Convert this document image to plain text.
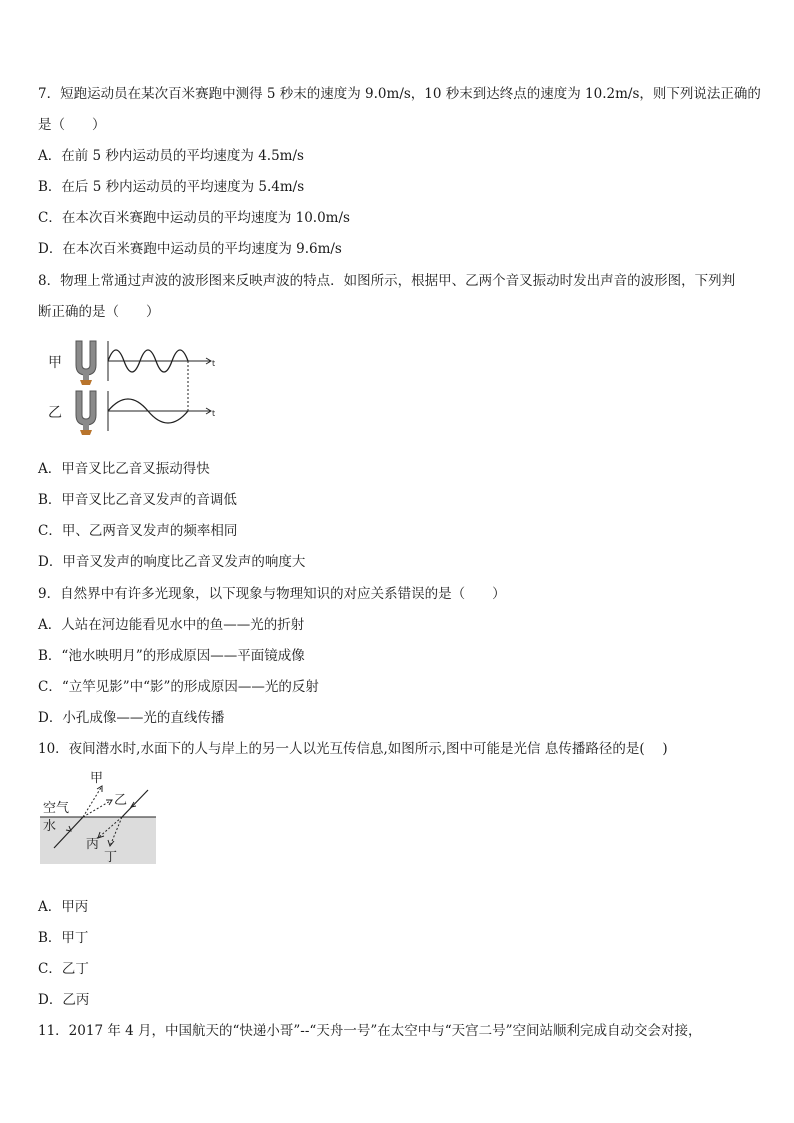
7．短跑运动员在某次百米赛跑中测得 5 秒末的速度为 9.0m/s，10 秒末到达终点的速度为 10.2m/s，则下列说法正确的
是（　　）
A．在前 5 秒内运动员的平均速度为 4.5m/s
B．在后 5 秒内运动员的平均速度为 5.4m/s
C．在本次百米赛跑中运动员的平均速度为 10.0m/s
D．在本次百米赛跑中运动员的平均速度为 9.6m/s
8．物理上常通过声波的波形图来反映声波的特点．如图所示，根据甲、乙两个音叉振动时发出声音的波形图，下列判
断正确的是（　　）
甲
乙
t
t
A．甲音叉比乙音叉振动得快
B．甲音叉比乙音叉发声的音调低
C．甲、乙两音叉发声的频率相同
D．甲音叉发声的响度比乙音叉发声的响度大
9．自然界中有许多光现象，以下现象与物理知识的对应关系错误的是（　　）
A．人站在河边能看见水中的鱼——光的折射
B．“池水映明月”的形成原因——平面镜成像
C．“立竿见影”中“影”的形成原因——光的反射
D．小孔成像——光的直线传播
10．夜间潜水时,水面下的人与岸上的另一人以光互传信息,如图所示,图中可能是光信 息传播路径的是(　 )
空气
水
甲
乙
丙
丁
A．甲丙
B．甲丁
C．乙丁
D．乙丙
11．2017 年 4 月，中国航天的“快递小哥”--“天舟一号”在太空中与“天宫二号”空间站顺利完成自动交会对接，
